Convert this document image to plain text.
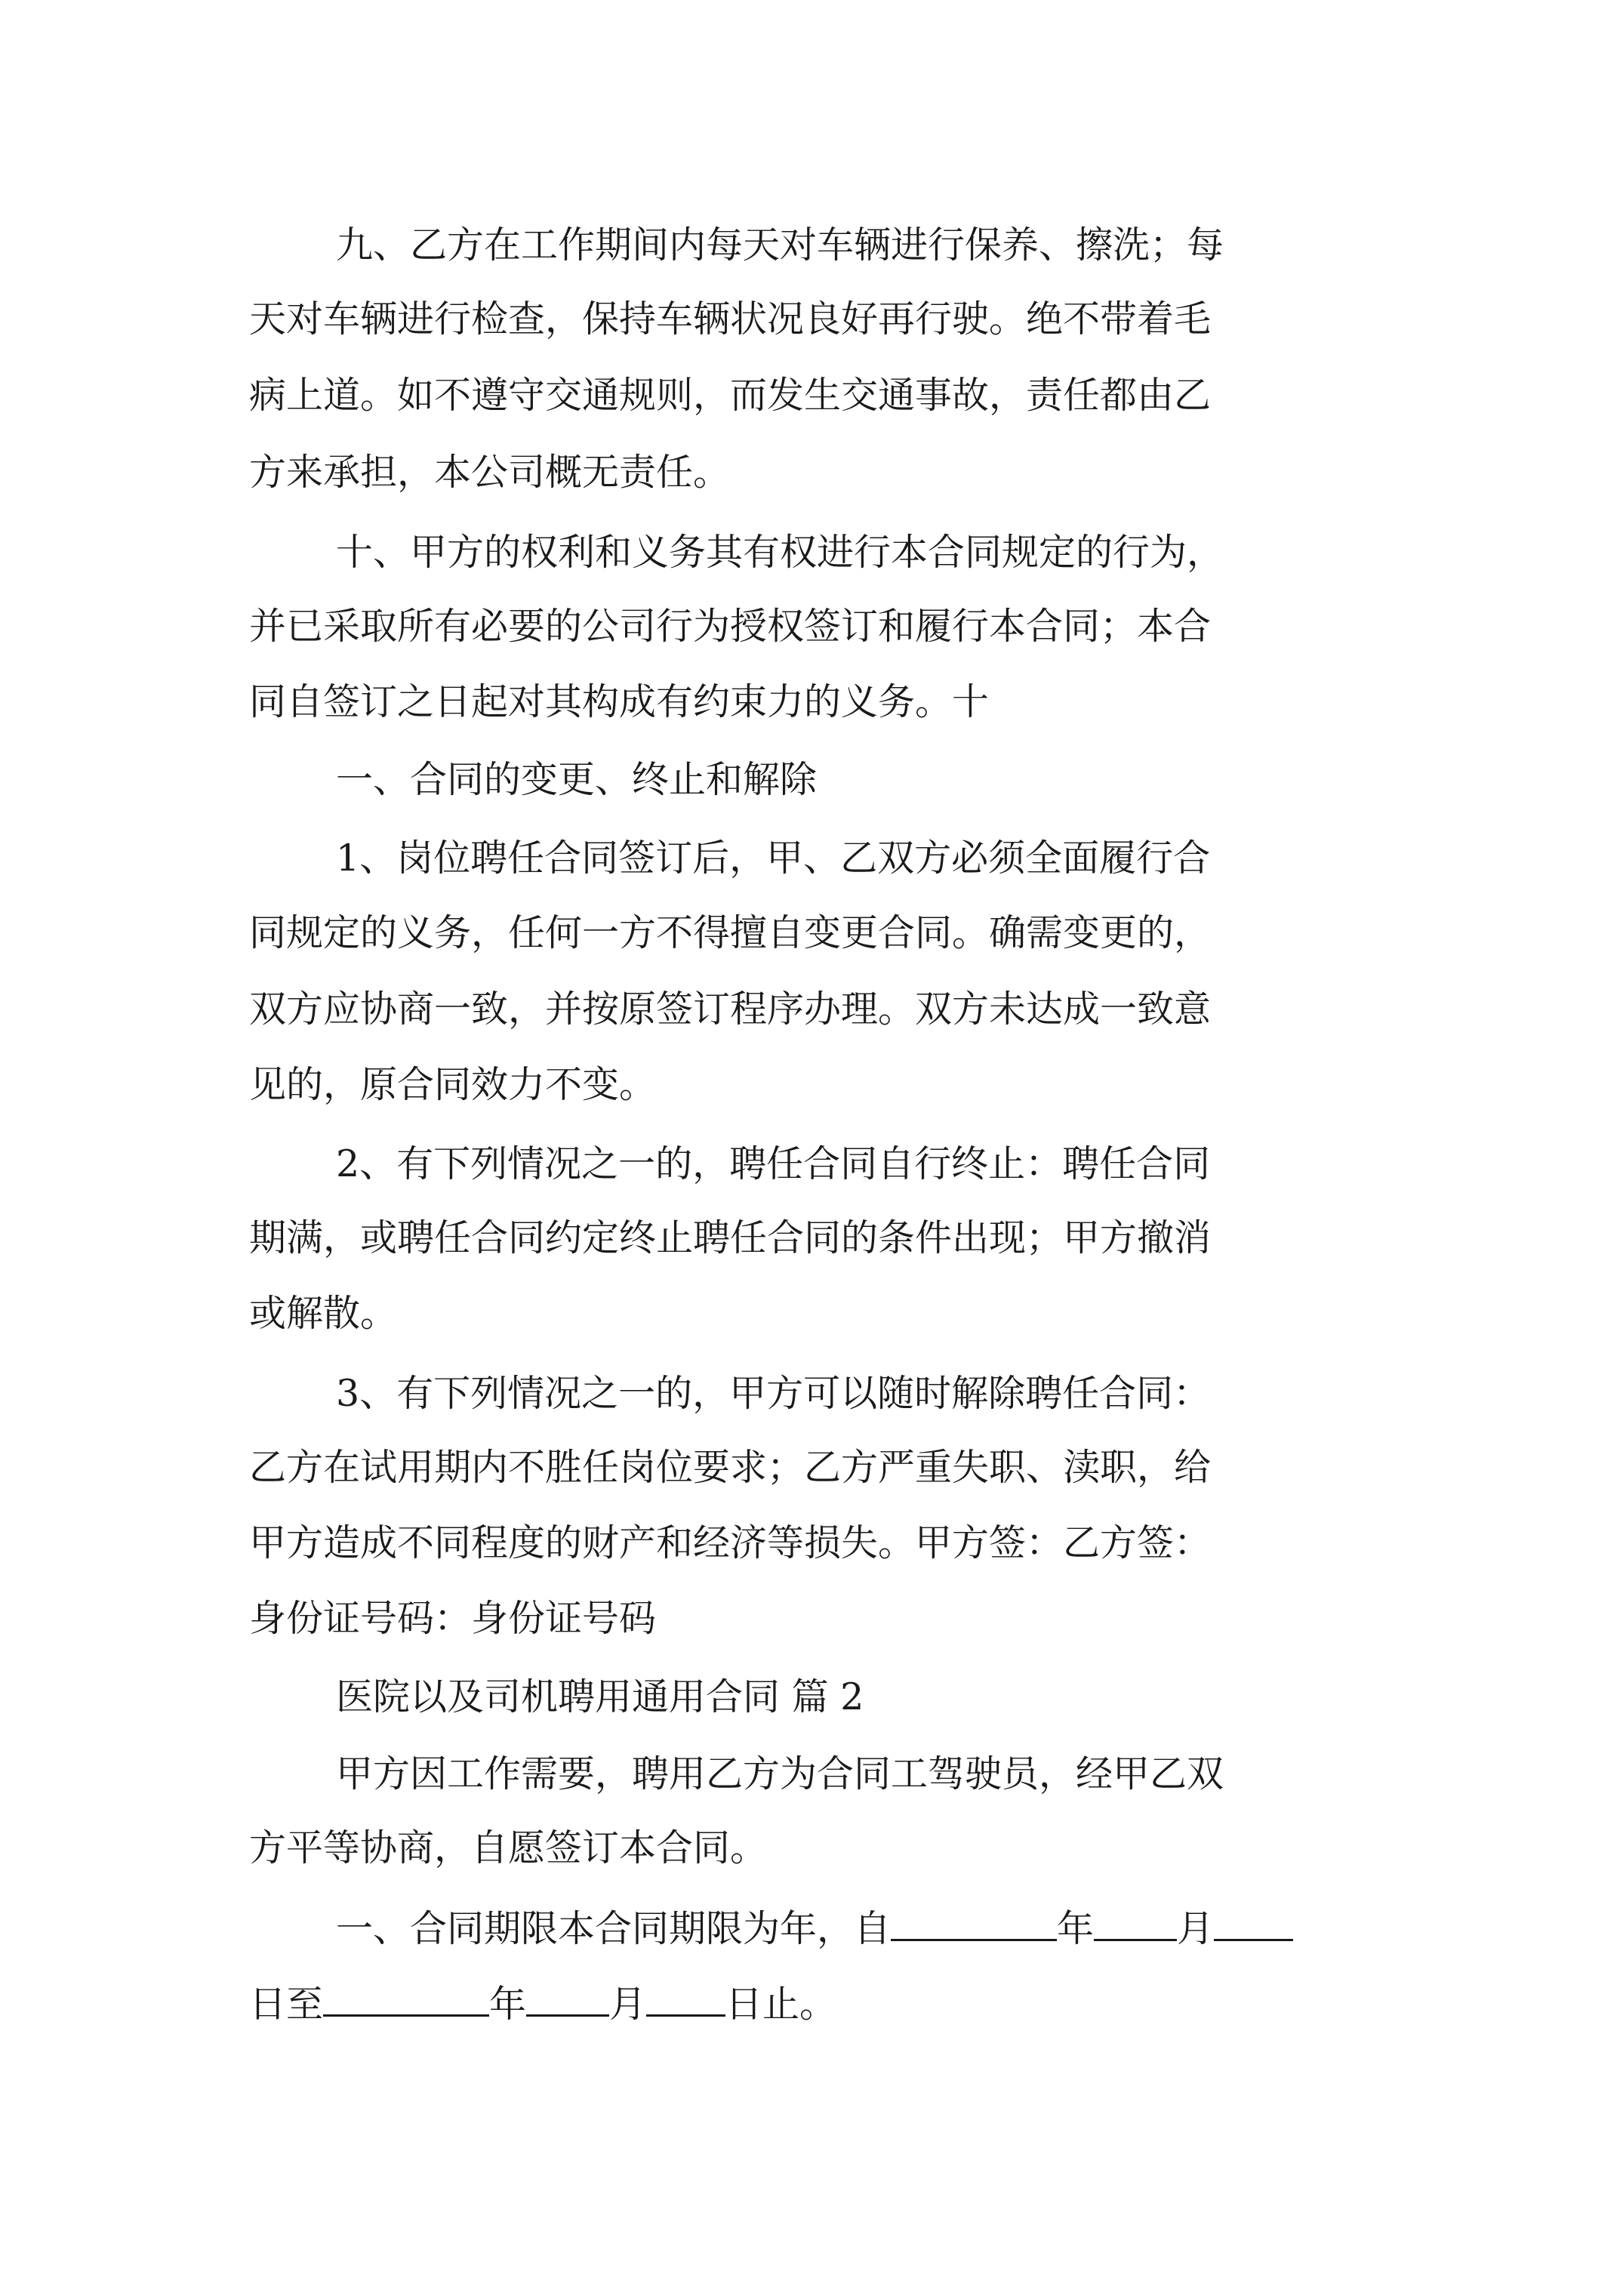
九、乙方在工作期间内每天对车辆进行保养、擦洗；每
天对车辆进行检查，保持车辆状况良好再行驶。绝不带着毛
病上道。如不遵守交通规则，而发生交通事故，责任都由乙
方来承担，本公司概无责任。
十、甲方的权利和义务其有权进行本合同规定的行为，
并已采取所有必要的公司行为授权签订和履行本合同；本合
同自签订之日起对其构成有约束力的义务。十
一、合同的变更、终止和解除
1、岗位聘任合同签订后，甲、乙双方必须全面履行合
同规定的义务，任何一方不得擅自变更合同。确需变更的，
双方应协商一致，并按原签订程序办理。双方未达成一致意
见的，原合同效力不变。
2、有下列情况之一的，聘任合同自行终止：聘任合同
期满，或聘任合同约定终止聘任合同的条件出现；甲方撤消
或解散。
3、有下列情况之一的，甲方可以随时解除聘任合同：
乙方在试用期内不胜任岗位要求；乙方严重失职、渎职，给
甲方造成不同程度的财产和经济等损失。甲方签：乙方签：
身份证号码：身份证号码
医院以及司机聘用通用合同 篇 2
甲方因工作需要，聘用乙方为合同工驾驶员，经甲乙双
方平等协商，自愿签订本合同。
一、合同期限本合同期限为年，自	年 月
日至	年 月 日止。
